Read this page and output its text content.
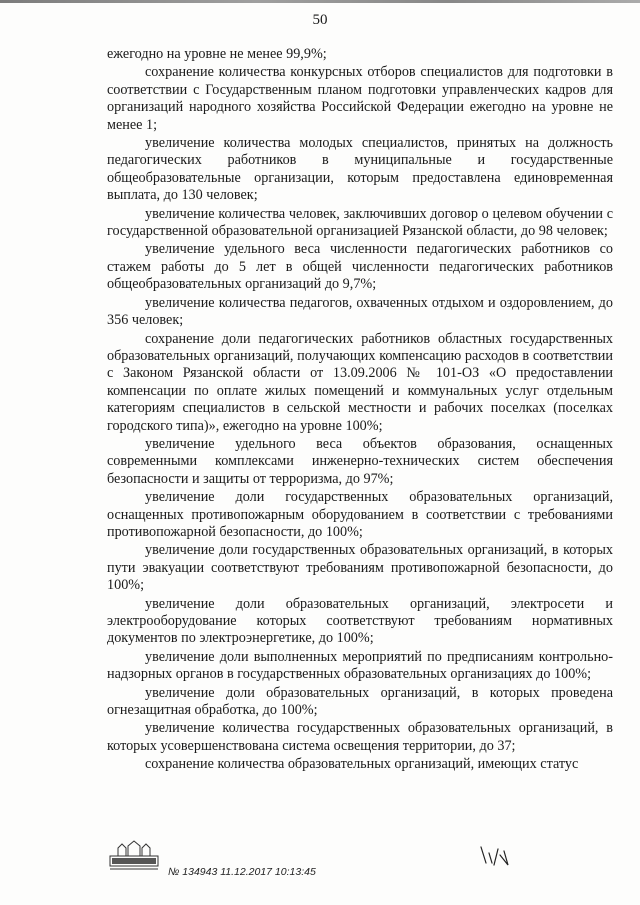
50

ежегодно на уровне не менее 99,9%;

сохранение количества конкурсных отборов специалистов для подготовки в соответствии с Государственным планом подготовки управленческих кадров для организаций народного хозяйства Российской Федерации ежегодно на уровне не менее 1;

увеличение количества молодых специалистов, принятых на должность педагогических работников в муниципальные и государственные общеобразовательные организации, которым предоставлена единовременная выплата, до 130 человек;

увеличение количества человек, заключивших договор о целевом обучении с государственной образовательной организацией Рязанской области, до 98 человек;

увеличение удельного веса численности педагогических работников со стажем работы до 5 лет в общей численности педагогических работников общеобразовательных организаций до 9,7%;

увеличение количества педагогов, охваченных отдыхом и оздоровлением, до 356 человек;

сохранение доли педагогических работников областных государственных образовательных организаций, получающих компенсацию расходов в соответствии с Законом Рязанской области от 13.09.2006 № 101-ОЗ «О предоставлении компенсации по оплате жилых помещений и коммунальных услуг отдельным категориям специалистов в сельской местности и рабочих поселках (поселках городского типа)», ежегодно на уровне 100%;

увеличение удельного веса объектов образования, оснащенных современными комплексами инженерно-технических систем обеспечения безопасности и защиты от терроризма, до 97%;

увеличение доли государственных образовательных организаций, оснащенных противопожарным оборудованием в соответствии с требованиями противопожарной безопасности, до 100%;

увеличение доли государственных образовательных организаций, в которых пути эвакуации соответствуют требованиям противопожарной безопасности, до 100%;

увеличение доли образовательных организаций, электросети и электрооборудование которых соответствуют требованиям нормативных документов по электроэнергетике, до 100%;

увеличение доли выполненных мероприятий по предписаниям контрольно-надзорных органов в государственных образовательных организациях до 100%;

увеличение доли образовательных организаций, в которых проведена огнезащитная обработка, до 100%;

увеличение количества государственных образовательных организаций, в которых усовершенствована система освещения территории, до 37;

сохранение количества образовательных организаций, имеющих статус

№ 134943 11.12.2017 10:13:45
